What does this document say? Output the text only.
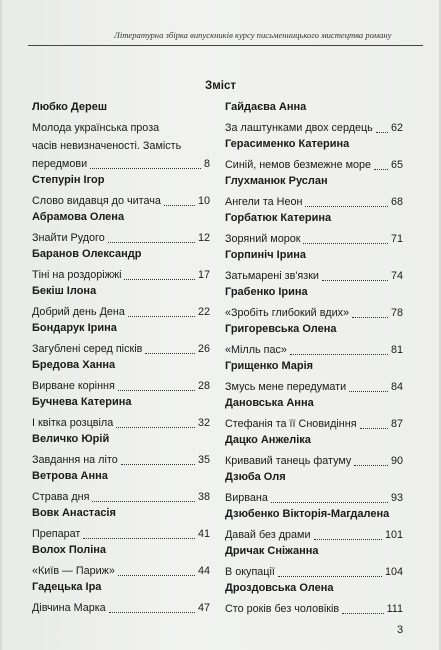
Літературна збірка випускників курсу письменницького мистецтва роману
Зміст
Любко Дереш
Молода українська проза
часів невизначеності. Замість
передмови	8
Степурін Ігор
Слово видавця до читача	10
Абрамова Олена
Знайти Рудого	12
Баранов Олександр
Тіні на роздоріжжі	17
Бекіш Ілона
Добрий день Дена	22
Бондарук Ірина
Загублені серед пісків	26
Бредова Ханна
Вирване коріння	28
Бучнева Катерина
І квітка розцвіла	32
Величко Юрій
Завдання на літо	35
Ветрова Анна
Страва дня	38
Вовк Анастасія
Препарат	41
Волох Поліна
«Київ — Париж»	44
Гадецька Іра
Дівчина Марка	47
Гайдаєва Анна
За лаштунками двох сердець 62
Герасименко Катерина
Синій, немов безмежне море 65
Глухманюк Руслан
Ангели та Неон	68
Горбатюк Катерина
Зоряний морок	71
Горпиніч Ірина
Затьмарені зв'язки	74
Грабенко Ірина
«Зробіть глибокий вдих»	78
Григоревська Олена
«Мілль пас»	81
Грищенко Марія
Змусь мене передумати	84
Дановська Анна
Стефанія та її Сновидіння	87
Дацко Анжеліка
Кривавий танець фатуму	90
Дзюба Оля
Вирвана	93
Дзюбенко Вікторія-Магдалена
Давай без драми	101
Дричак Сніжанна
В окупації	104
Дроздовська Олена
Сто років без чоловіків	111
3
